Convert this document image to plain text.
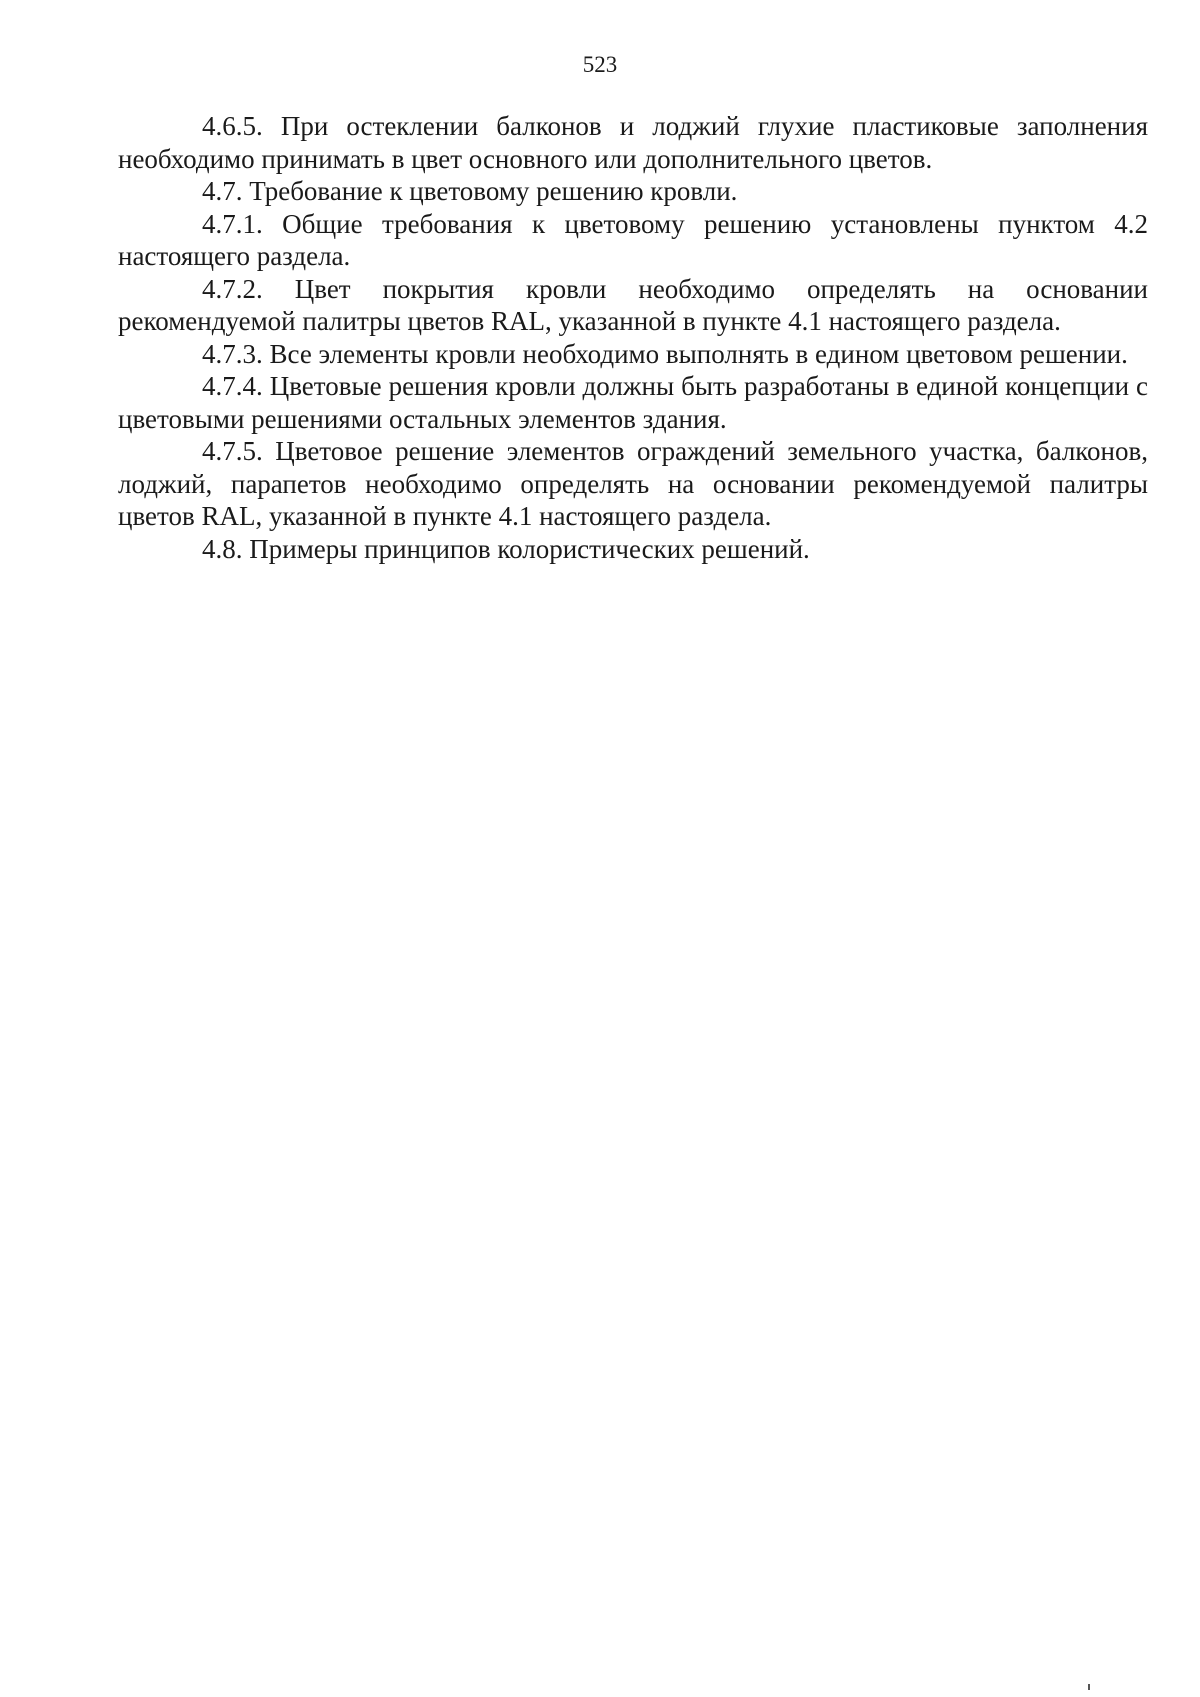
523

4.6.5. При остеклении балконов и лоджий глухие пластиковые заполнения необходимо принимать в цвет основного или дополнительного цветов.

4.7. Требование к цветовому решению кровли.

4.7.1. Общие требования к цветовому решению установлены пунктом 4.2 настоящего раздела.

4.7.2. Цвет покрытия кровли необходимо определять на основании рекомендуемой палитры цветов RAL, указанной в пункте 4.1 настоящего раздела.

4.7.3. Все элементы кровли необходимо выполнять в едином цветовом решении.

4.7.4. Цветовые решения кровли должны быть разработаны в единой концепции с цветовыми решениями остальных элементов здания.

4.7.5. Цветовое решение элементов ограждений земельного участка, балконов, лоджий, парапетов необходимо определять на основании рекомендуемой палитры цветов RAL, указанной в пункте 4.1 настоящего раздела.

4.8. Примеры принципов колористических решений.
